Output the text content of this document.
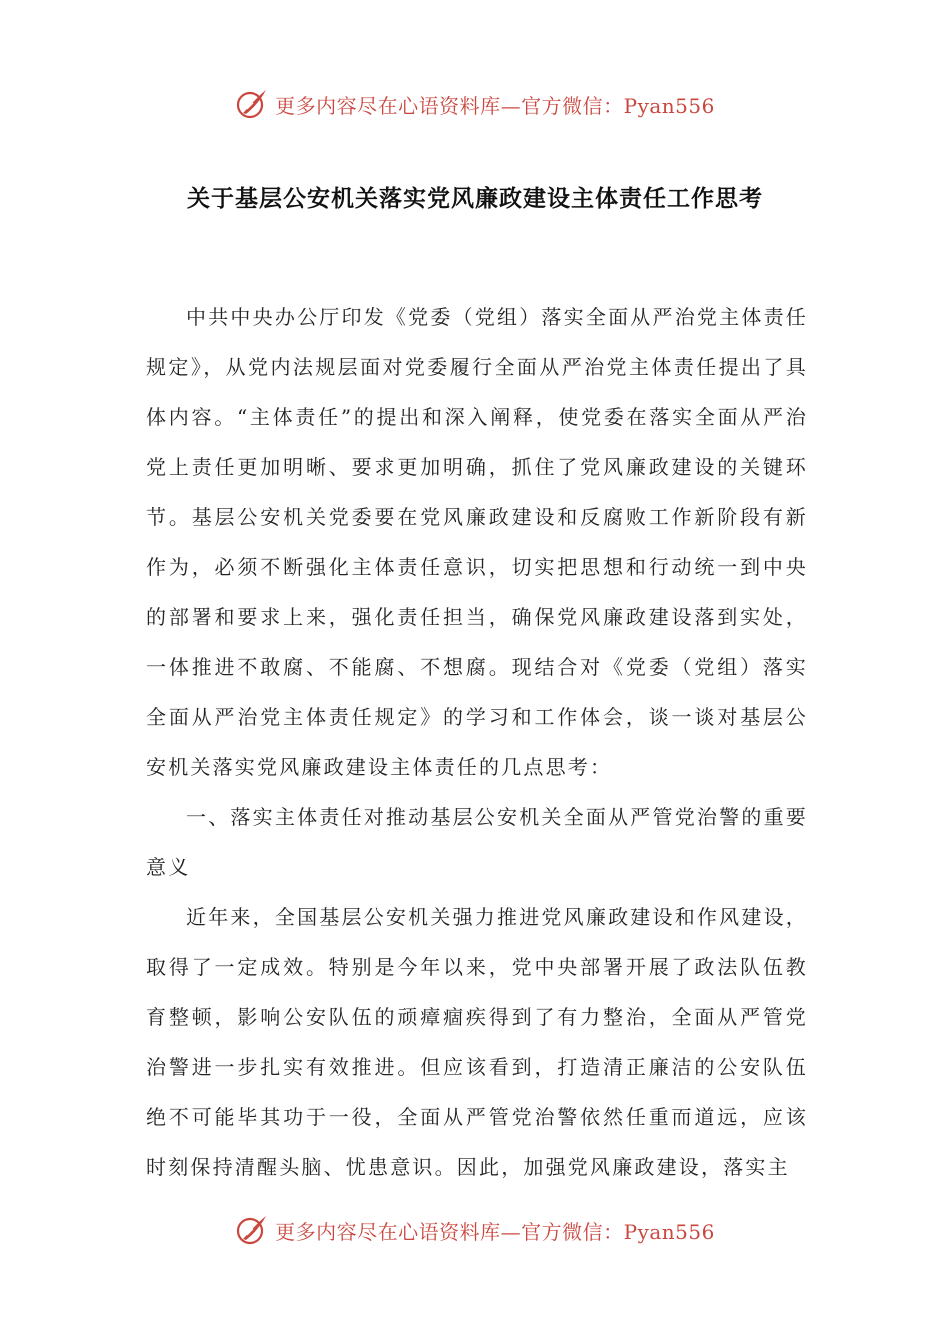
更多内容尽在心语资料库—官方微信：Pyan556
关于基层公安机关落实党风廉政建设主体责任工作思考

中共中央办公厅印发《党委（党组）落实全面从严治党主体责任规定》，从党内法规层面对党委履行全面从严治党主体责任提出了具体内容。“主体责任”的提出和深入阐释，使党委在落实全面从严治党上责任更加明晰、要求更加明确，抓住了党风廉政建设的关键环节。基层公安机关党委要在党风廉政建设和反腐败工作新阶段有新作为，必须不断强化主体责任意识，切实把思想和行动统一到中央的部署和要求上来，强化责任担当，确保党风廉政建设落到实处，一体推进不敢腐、不能腐、不想腐。现结合对《党委（党组）落实全面从严治党主体责任规定》的学习和工作体会，谈一谈对基层公安机关落实党风廉政建设主体责任的几点思考：

一、落实主体责任对推动基层公安机关全面从严管党治警的重要意义

近年来，全国基层公安机关强力推进党风廉政建设和作风建设，取得了一定成效。特别是今年以来，党中央部署开展了政法队伍教育整顿，影响公安队伍的顽瘴痼疾得到了有力整治，全面从严管党治警进一步扎实有效推进。但应该看到，打造清正廉洁的公安队伍绝不可能毕其功于一役，全面从严管党治警依然任重而道远，应该时刻保持清醒头脑、忧患意识。因此，加强党风廉政建设，落实主

更多内容尽在心语资料库—官方微信：Pyan556
